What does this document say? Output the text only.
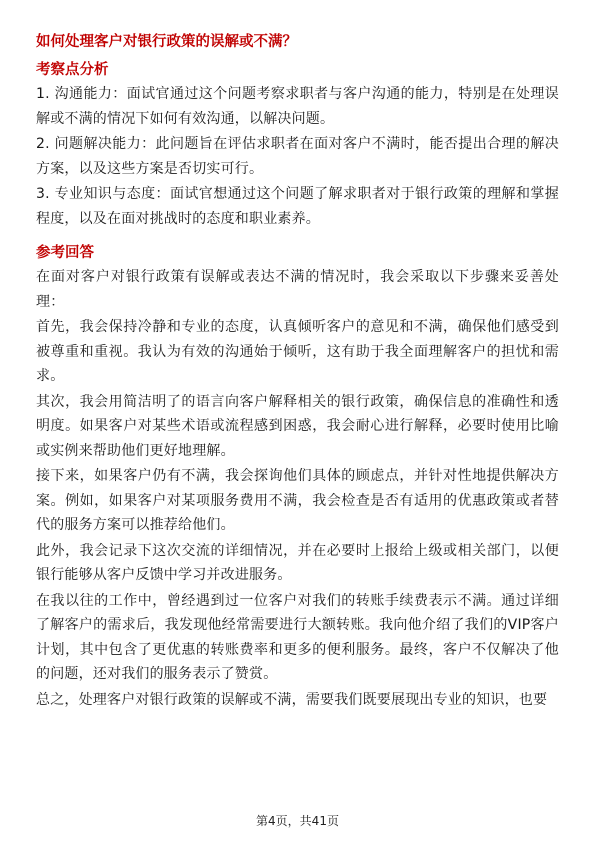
如何处理客户对银行政策的误解或不满？
考察点分析

1. 沟通能力：面试官通过这个问题考察求职者与客户沟通的能力，特别是在处理误解或不满的情况下如何有效沟通，以解决问题。

2. 问题解决能力：此问题旨在评估求职者在面对客户不满时，能否提出合理的解决方案，以及这些方案是否切实可行。

3. 专业知识与态度：面试官想通过这个问题了解求职者对于银行政策的理解和掌握程度，以及在面对挑战时的态度和职业素养。

参考回答

在面对客户对银行政策有误解或表达不满的情况时，我会采取以下步骤来妥善处理：

首先，我会保持冷静和专业的态度，认真倾听客户的意见和不满，确保他们感受到被尊重和重视。我认为有效的沟通始于倾听，这有助于我全面理解客户的担忧和需求。

其次，我会用简洁明了的语言向客户解释相关的银行政策，确保信息的准确性和透明度。如果客户对某些术语或流程感到困惑，我会耐心进行解释，必要时使用比喻或实例来帮助他们更好地理解。

接下来，如果客户仍有不满，我会探询他们具体的顾虑点，并针对性地提供解决方案。例如，如果客户对某项服务费用不满，我会检查是否有适用的优惠政策或者替代的服务方案可以推荐给他们。

此外，我会记录下这次交流的详细情况，并在必要时上报给上级或相关部门，以便银行能够从客户反馈中学习并改进服务。

在我以往的工作中，曾经遇到过一位客户对我们的转账手续费表示不满。通过详细了解客户的需求后，我发现他经常需要进行大额转账。我向他介绍了我们的VIP客户计划，其中包含了更优惠的转账费率和更多的便利服务。最终，客户不仅解决了他的问题，还对我们的服务表示了赞赏。

总之，处理客户对银行政策的误解或不满，需要我们既要展现出专业的知识，也要

第4页，共41页
